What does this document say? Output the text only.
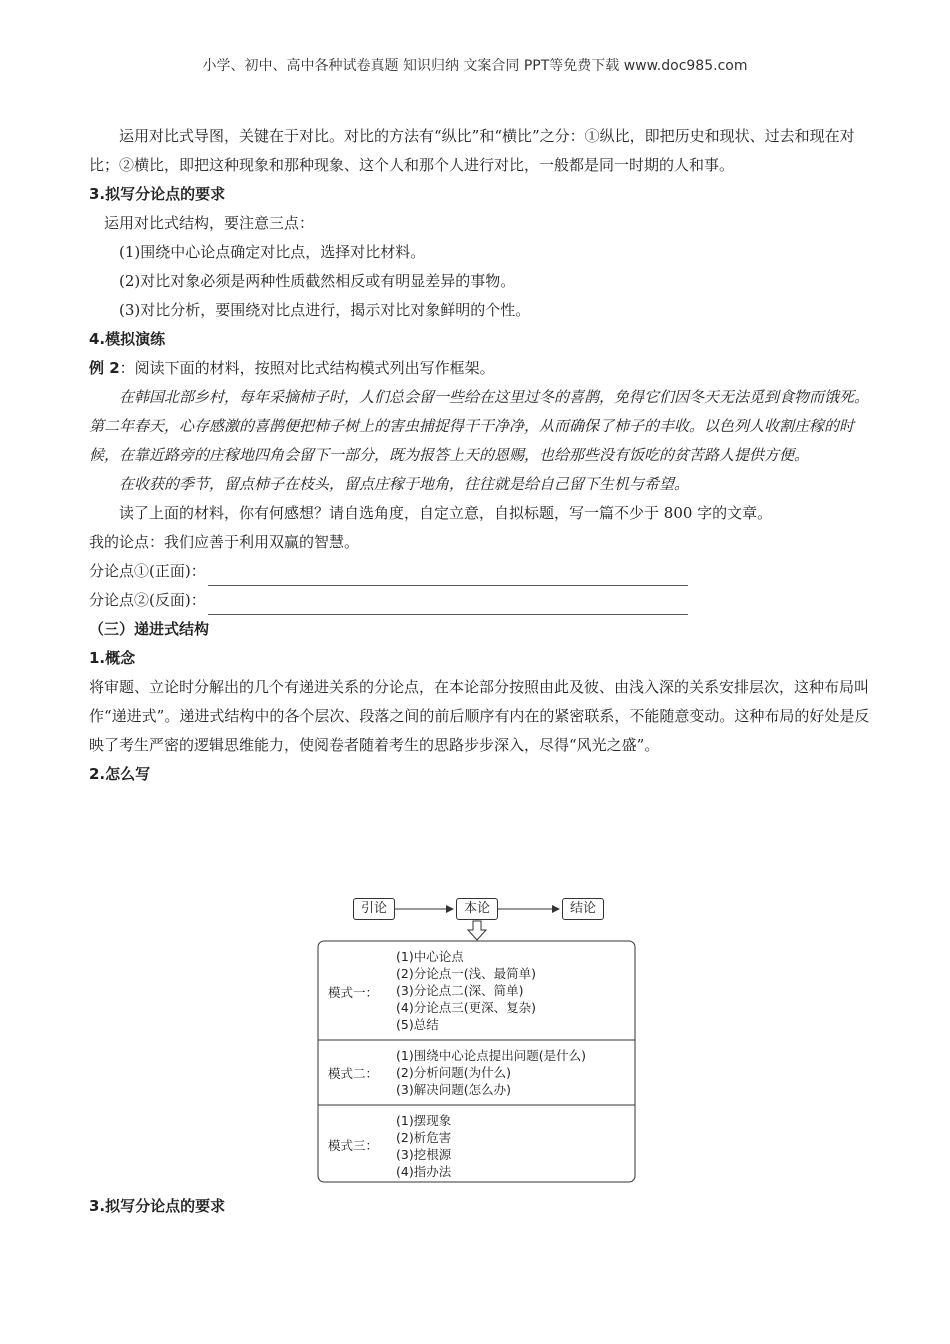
小学、初中、高中各种试卷真题 知识归纳 文案合同 PPT等免费下载 www.doc985.com

运用对比式导图，关键在于对比。对比的方法有“纵比”和“横比”之分：①纵比，即把历史和现状、过去和现在对比；②横比，即把这种现象和那种现象、这个人和那个人进行对比，一般都是同一时期的人和事。

3.拟写分论点的要求

运用对比式结构，要注意三点：

(1)围绕中心论点确定对比点，选择对比材料。

(2)对比对象必须是两种性质截然相反或有明显差异的事物。

(3)对比分析，要围绕对比点进行，揭示对比对象鲜明的个性。

4.模拟演练

例 2：阅读下面的材料，按照对比式结构模式列出写作框架。

在韩国北部乡村，每年采摘柿子时，人们总会留一些给在这里过冬的喜鹊，免得它们因冬天无法觅到食物而饿死。第二年春天，心存感激的喜鹊便把柿子树上的害虫捕捉得干干净净，从而确保了柿子的丰收。以色列人收割庄稼的时候，在靠近路旁的庄稼地四角会留下一部分，既为报答上天的恩赐，也给那些没有饭吃的贫苦路人提供方便。

在收获的季节，留点柿子在枝头，留点庄稼于地角，往往就是给自己留下生机与希望。

读了上面的材料，你有何感想？请自选角度，自定立意，自拟标题，写一篇不少于 800 字的文章。

我的论点：我们应善于利用双赢的智慧。

分论点①(正面)：

分论点②(反面)：

（三）递进式结构

1.概念

将审题、立论时分解出的几个有递进关系的分论点，在本论部分按照由此及彼、由浅入深的关系安排层次，这种布局叫作“递进式”。递进式结构中的各个层次、段落之间的前后顺序有内在的紧密联系，不能随意变动。这种布局的好处是反映了考生严密的逻辑思维能力，使阅卷者随着考生的思路步步深入，尽得“风光之盛”。

2.怎么写

引论	本论	结论
模式一：
(1)中心论点
(2)分论点一(浅、最简单)
(3)分论点二(深、简单)
(4)分论点三(更深、复杂)
(5)总结
模式二：
(1)围绕中心论点提出问题(是什么)
(2)分析问题(为什么)
(3)解决问题(怎么办)
模式三：
(1)摆现象
(2)析危害
(3)挖根源
(4)指办法

3.拟写分论点的要求
